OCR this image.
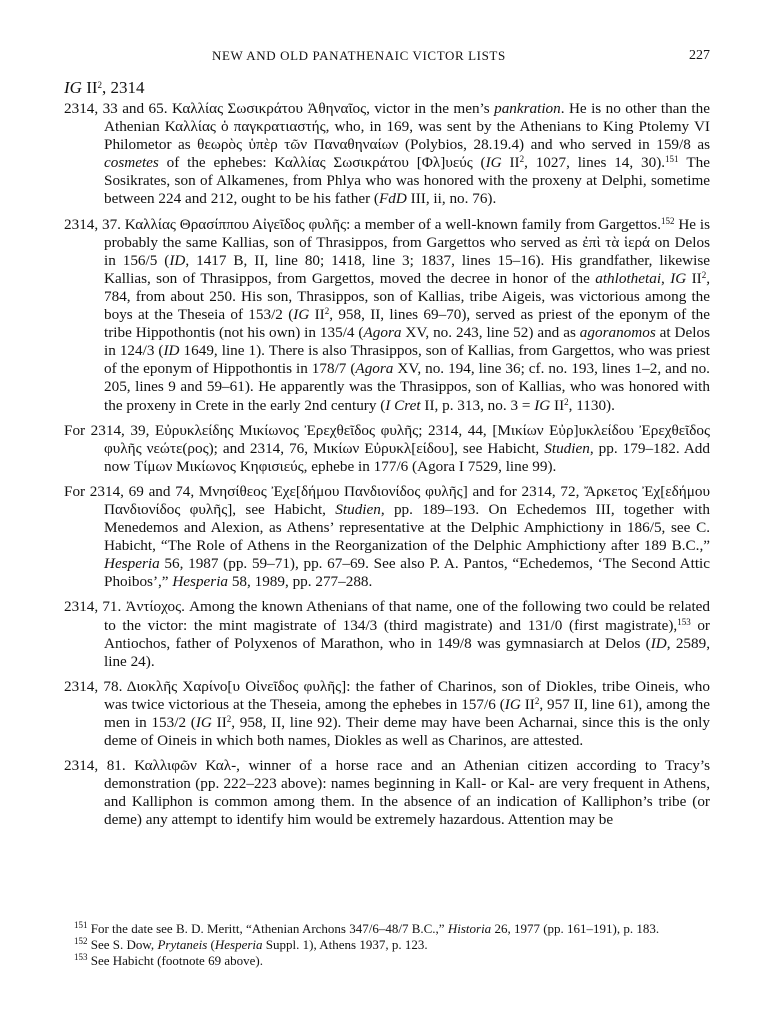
NEW AND OLD PANATHENAIC VICTOR LISTS	227
IG $II^2$, 2314

2314, 33 and 65. Καλλίας Σωσικράτου Ἀθηναῖος, victor in the men’s pankration. He is no other than the Athenian Καλλίας ὁ παγκρατιαστής, who, in 169, was sent by the Athenians to King Ptolemy VI Philometor as θεωρὸς ὑπὲρ τῶν Παναθηναίων (Polybios, 28.19.4) and who served in 159/8 as cosmetes of the ephebes: Καλλίας Σωσικράτου [Φλ]υεύς (IG $II^2$, 1027, lines 14, 30).$^{151}$ The Sosikrates, son of Alkamenes, from Phlya who was honored with the proxeny at Delphi, sometime between 224 and 212, ought to be his father (FdD III, ii, no. 76).

2314, 37. Καλλίας Θρασίππου Αἰγεῖδος φυλῆς: a member of a well-known family from Gargettos.$^{152}$ He is probably the same Kallias, son of Thrasippos, from Gargettos who served as ἐπὶ τὰ ἱερά on Delos in 156/5 (ID, 1417 B, II, line 80; 1418, line 3; 1837, lines 15–16). His grandfather, likewise Kallias, son of Thrasippos, from Gargettos, moved the decree in honor of the athlothetai, IG $II^2$, 784, from about 250. His son, Thrasippos, son of Kallias, tribe Aigeis, was victorious among the boys at the Theseia of 153/2 (IG $II^2$, 958, II, lines 69–70), served as priest of the eponym of the tribe Hippothontis (not his own) in 135/4 (Agora XV, no. 243, line 52) and as agoranomos at Delos in 124/3 (ID 1649, line 1). There is also Thrasippos, son of Kallias, from Gargettos, who was priest of the eponym of Hippothontis in 178/7 (Agora XV, no. 194, line 36; cf. no. 193, lines 1–2, and no. 205, lines 9 and 59–61). He apparently was the Thrasippos, son of Kallias, who was honored with the proxeny in Crete in the early 2nd century (I Cret II, p. 313, no. 3 = IG $II^2$, 1130).

For 2314, 39, Εὐρυκλείδης Μικίωνος Ἐρεχθεῖδος φυλῆς; 2314, 44, [Μικίων Εὐρ]υκλείδου Ἐρεχθεῖδος φυλῆς νεώτε(ρος); and 2314, 76, Μικίων Εὐρυκλ[είδου], see Habicht, Studien, pp. 179–182. Add now Τίμων Μικίωνος Κηφισιεύς, ephebe in 177/6 (Agora I 7529, line 99).

For 2314, 69 and 74, Μνησίθεος Ἐχε[δήμου Πανδιονίδος φυλῆς] and for 2314, 72, Ἄρκετος Ἐχ[εδήμου Πανδιονίδος φυλῆς], see Habicht, Studien, pp. 189–193. On Echedemos III, together with Menedemos and Alexion, as Athens’ representative at the Delphic Amphictiony in 186/5, see C. Habicht, “The Role of Athens in the Reorganization of the Delphic Amphictiony after 189 B.C.,” Hesperia 56, 1987 (pp. 59–71), pp. 67–69. See also P. A. Pantos, “Echedemos, ‘The Second Attic Phoibos’,” Hesperia 58, 1989, pp. 277–288.

2314, 71. Ἀντίοχος. Among the known Athenians of that name, one of the following two could be related to the victor: the mint magistrate of 134/3 (third magistrate) and 131/0 (first magistrate),$^{153}$ or Antiochos, father of Polyxenos of Marathon, who in 149/8 was gymnasiarch at Delos (ID, 2589, line 24).

2314, 78. Διοκλῆς Χαρίνο[υ Οἰνεῖδος φυλῆς]: the father of Charinos, son of Diokles, tribe Oineis, who was twice victorious at the Theseia, among the ephebes in 157/6 (IG $II^2$, 957 II, line 61), among the men in 153/2 (IG $II^2$, 958, II, line 92). Their deme may have been Acharnai, since this is the only deme of Oineis in which both names, Diokles as well as Charinos, are attested.

2314, 81. Καλλιφῶν Καλ-, winner of a horse race and an Athenian citizen according to Tracy’s demonstration (pp. 222–223 above): names beginning in Kall- or Kal- are very frequent in Athens, and Kalliphon is common among them. In the absence of an indication of Kalliphon’s tribe (or deme) any attempt to identify him would be extremely hazardous. Attention may be

$^{151}$ For the date see B. D. Meritt, “Athenian Archons 347/6–48/7 B.C.,” Historia 26, 1977 (pp. 161–191), p. 183.

$^{152}$ See S. Dow, Prytaneis (Hesperia Suppl. 1), Athens 1937, p. 123.

$^{153}$ See Habicht (footnote 69 above).
